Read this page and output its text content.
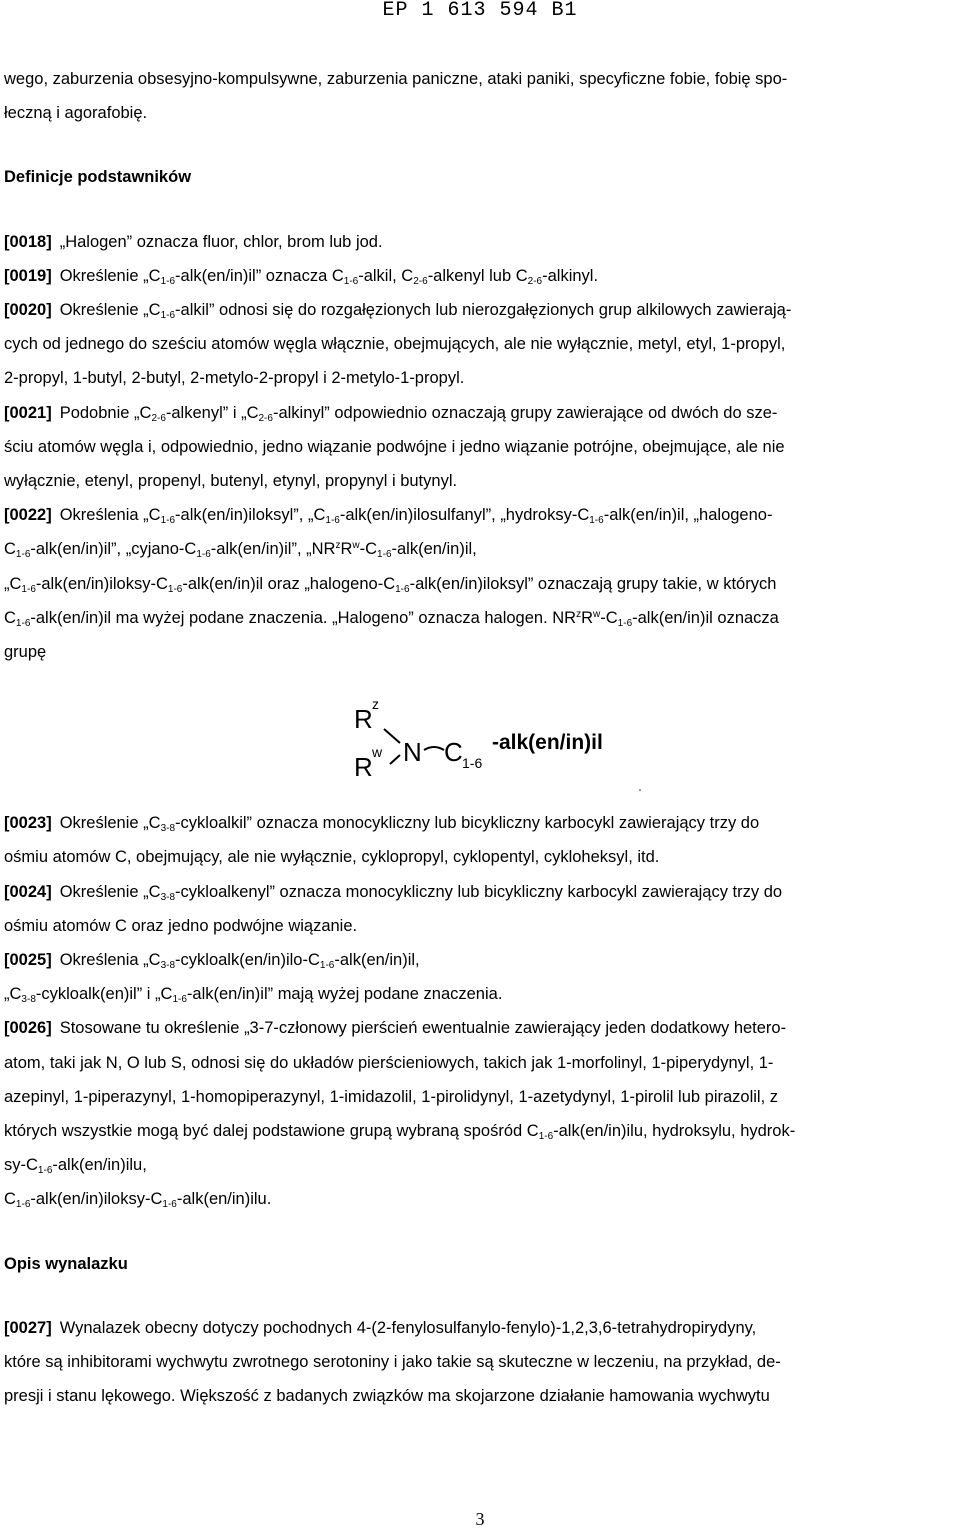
EP 1 613 594 B1

wego, zaburzenia obsesyjno-kompulsywne, zaburzenia paniczne, ataki paniki, specyficzne fobie, fobię spo-
łeczną i agorafobię.

Definicje podstawników

[0018] „Halogen” oznacza fluor, chlor, brom lub jod.

[0019] Określenie $„C_{1-6}-alk(en/in)il$” oznacza $C_{1-6}$-alkil, $C_{2-6}$-alkenyl lub $C_{2-6}$-alkinyl.

[0020] Określenie $„C_{1-6}$-alkil” odnosi się do rozgałęzionych lub nierozgałęzionych grup alkilowych zawierają-
cych od jednego do sześciu atomów węgla włącznie, obejmujących, ale nie wyłącznie, metyl, etyl, 1-propyl,
2-propyl, 1-butyl, 2-butyl, 2-metylo-2-propyl i 2-metylo-1-propyl.

[0021] Podobnie $„C_{2-6}$-alkenyl” i $„C_{2-6}$-alkinyl” odpowiednio oznaczają grupy zawierające od dwóch do sze-
ściu atomów węgla i, odpowiednio, jedno wiązanie podwójne i jedno wiązanie potrójne, obejmujące, ale nie
wyłącznie, etenyl, propenyl, butenyl, etynyl, propynyl i butynyl.

[0022] Określenia $„C_{1-6}-alk(en/in)iloksyl$”, $„C_{1-6}-alk(en/in)ilosulfanyl$”, $„hydroksy-C_{1-6}-alk(en/in)il$, „halogeno-
$C_{1-6}-alk(en/in)il$”, $„cyjano-C_{1-6}-alk(en/in)il$”, $„NR^zR^w-C_{1-6}-alk(en/in)il$,
$„C_{1-6}-alk(en/in)iloksy-C_{1-6}-alk(en/in)il$ oraz $„halogeno-C_{1-6}-alk(en/in)iloksyl$” oznaczają grupy takie, w których
$C_{1-6}-alk(en/in)il$ ma wyżej podane znaczenia. „Halogeno” oznacza halogen. $NR^zR^w-C_{1-6}-alk(en/in)il$ oznacza
grupę

R z
R w N C 1-6
-alk(en/in)il

[0023] Określenie $„C_{3-8}$-cykloalkil” oznacza monocykliczny lub bicykliczny karbocykl zawierający trzy do
ośmiu atomów C, obejmujący, ale nie wyłącznie, cyklopropyl, cyklopentyl, cykloheksyl, itd.

[0024] Określenie $„C_{3-8}$-cykloalkenyl” oznacza monocykliczny lub bicykliczny karbocykl zawierający trzy do
ośmiu atomów C oraz jedno podwójne wiązanie.

[0025] Określenia $„C_{3-8}-cykloalk(en/in)ilo-C_{1-6}-alk(en/in)il$,
$„C_{3-8}-cykloalk(en)il$” i $„C_{1-6}-alk(en/in)il$” mają wyżej podane znaczenia.

[0026] Stosowane tu określenie „3-7-członowy pierścień ewentualnie zawierający jeden dodatkowy hetero-
atom, taki jak N, O lub S, odnosi się do układów pierścieniowych, takich jak 1-morfolinyl, 1-piperydynyl, 1-
azepinyl, 1-piperazynyl, 1-homopiperazynyl, 1-imidazolil, 1-pirolidynyl, 1-azetydynyl, 1-pirolil lub pirazolil, z
których wszystkie mogą być dalej podstawione grupą wybraną spośród $C_{1-6}-alk(en/in)ilu$, hydroksylu, hydrok-
$sy-C_{1-6}-alk(en/in)ilu$,
$C_{1-6}-alk(en/in)iloksy-C_{1-6}-alk(en/in)ilu$.

Opis wynalazku

[0027] Wynalazek obecny dotyczy pochodnych 4-(2-fenylosulfanylo-fenylo)-1,2,3,6-tetrahydropirydyny,
które są inhibitorami wychwytu zwrotnego serotoniny i jako takie są skuteczne w leczeniu, na przykład, de-
presji i stanu lękowego. Większość z badanych związków ma skojarzone działanie hamowania wychwytu

3
